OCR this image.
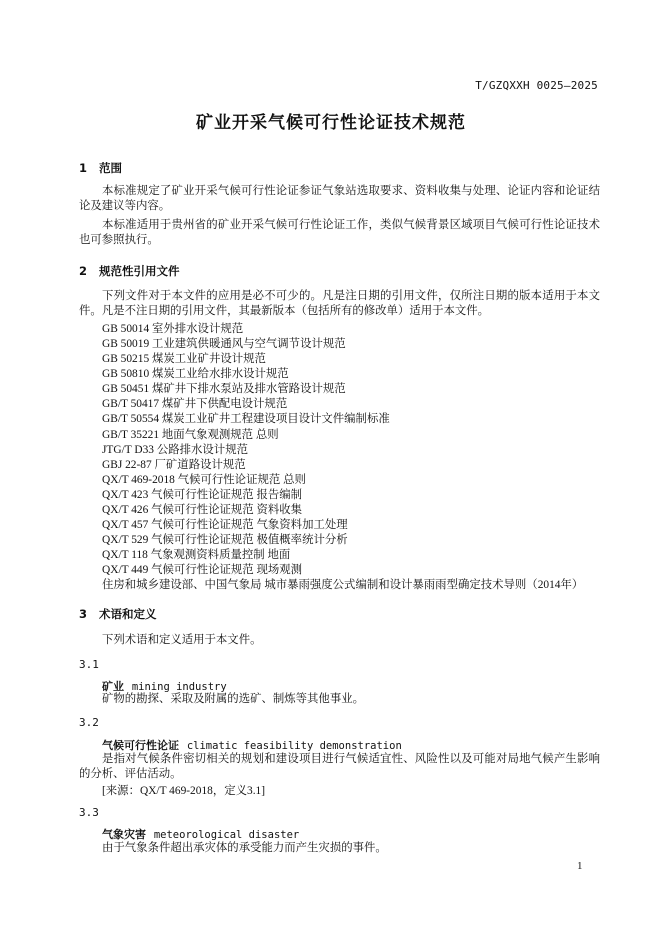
T/GZQXXH 0025—2025
矿业开采气候可行性论证技术规范
1 范围
本标准规定了矿业开采气候可行性论证参证气象站选取要求、资料收集与处理、论证内容和论证结论及建议等内容。
本标准适用于贵州省的矿业开采气候可行性论证工作，类似气候背景区域项目气候可行性论证技术也可参照执行。
2 规范性引用文件
下列文件对于本文件的应用是必不可少的。凡是注日期的引用文件，仅所注日期的版本适用于本文件。凡是不注日期的引用文件，其最新版本（包括所有的修改单）适用于本文件。
GB 50014 室外排水设计规范
GB 50019 工业建筑供暖通风与空气调节设计规范
GB 50215 煤炭工业矿井设计规范
GB 50810 煤炭工业给水排水设计规范
GB 50451 煤矿井下排水泵站及排水管路设计规范
GB/T 50417 煤矿井下供配电设计规范
GB/T 50554 煤炭工业矿井工程建设项目设计文件编制标准
GB/T 35221 地面气象观测规范 总则
JTG/T D33 公路排水设计规范
GBJ 22-87 厂矿道路设计规范
QX/T 469-2018 气候可行性论证规范 总则
QX/T 423 气候可行性论证规范 报告编制
QX/T 426 气候可行性论证规范 资料收集
QX/T 457 气候可行性论证规范 气象资料加工处理
QX/T 529 气候可行性论证规范 极值概率统计分析
QX/T 118 气象观测资料质量控制 地面
QX/T 449 气候可行性论证规范 现场观测
住房和城乡建设部、中国气象局 城市暴雨强度公式编制和设计暴雨雨型确定技术导则（2014年）
3 术语和定义
下列术语和定义适用于本文件。
3.1
矿业 mining industry
矿物的勘探、采取及附属的选矿、制炼等其他事业。
3.2
气候可行性论证 climatic feasibility demonstration
是指对气候条件密切相关的规划和建设项目进行气候适宜性、风险性以及可能对局地气候产生影响的分析、评估活动。
[来源：QX/T 469-2018，定义3.1]
3.3
气象灾害 meteorological disaster
由于气象条件超出承灾体的承受能力而产生灾损的事件。
1
